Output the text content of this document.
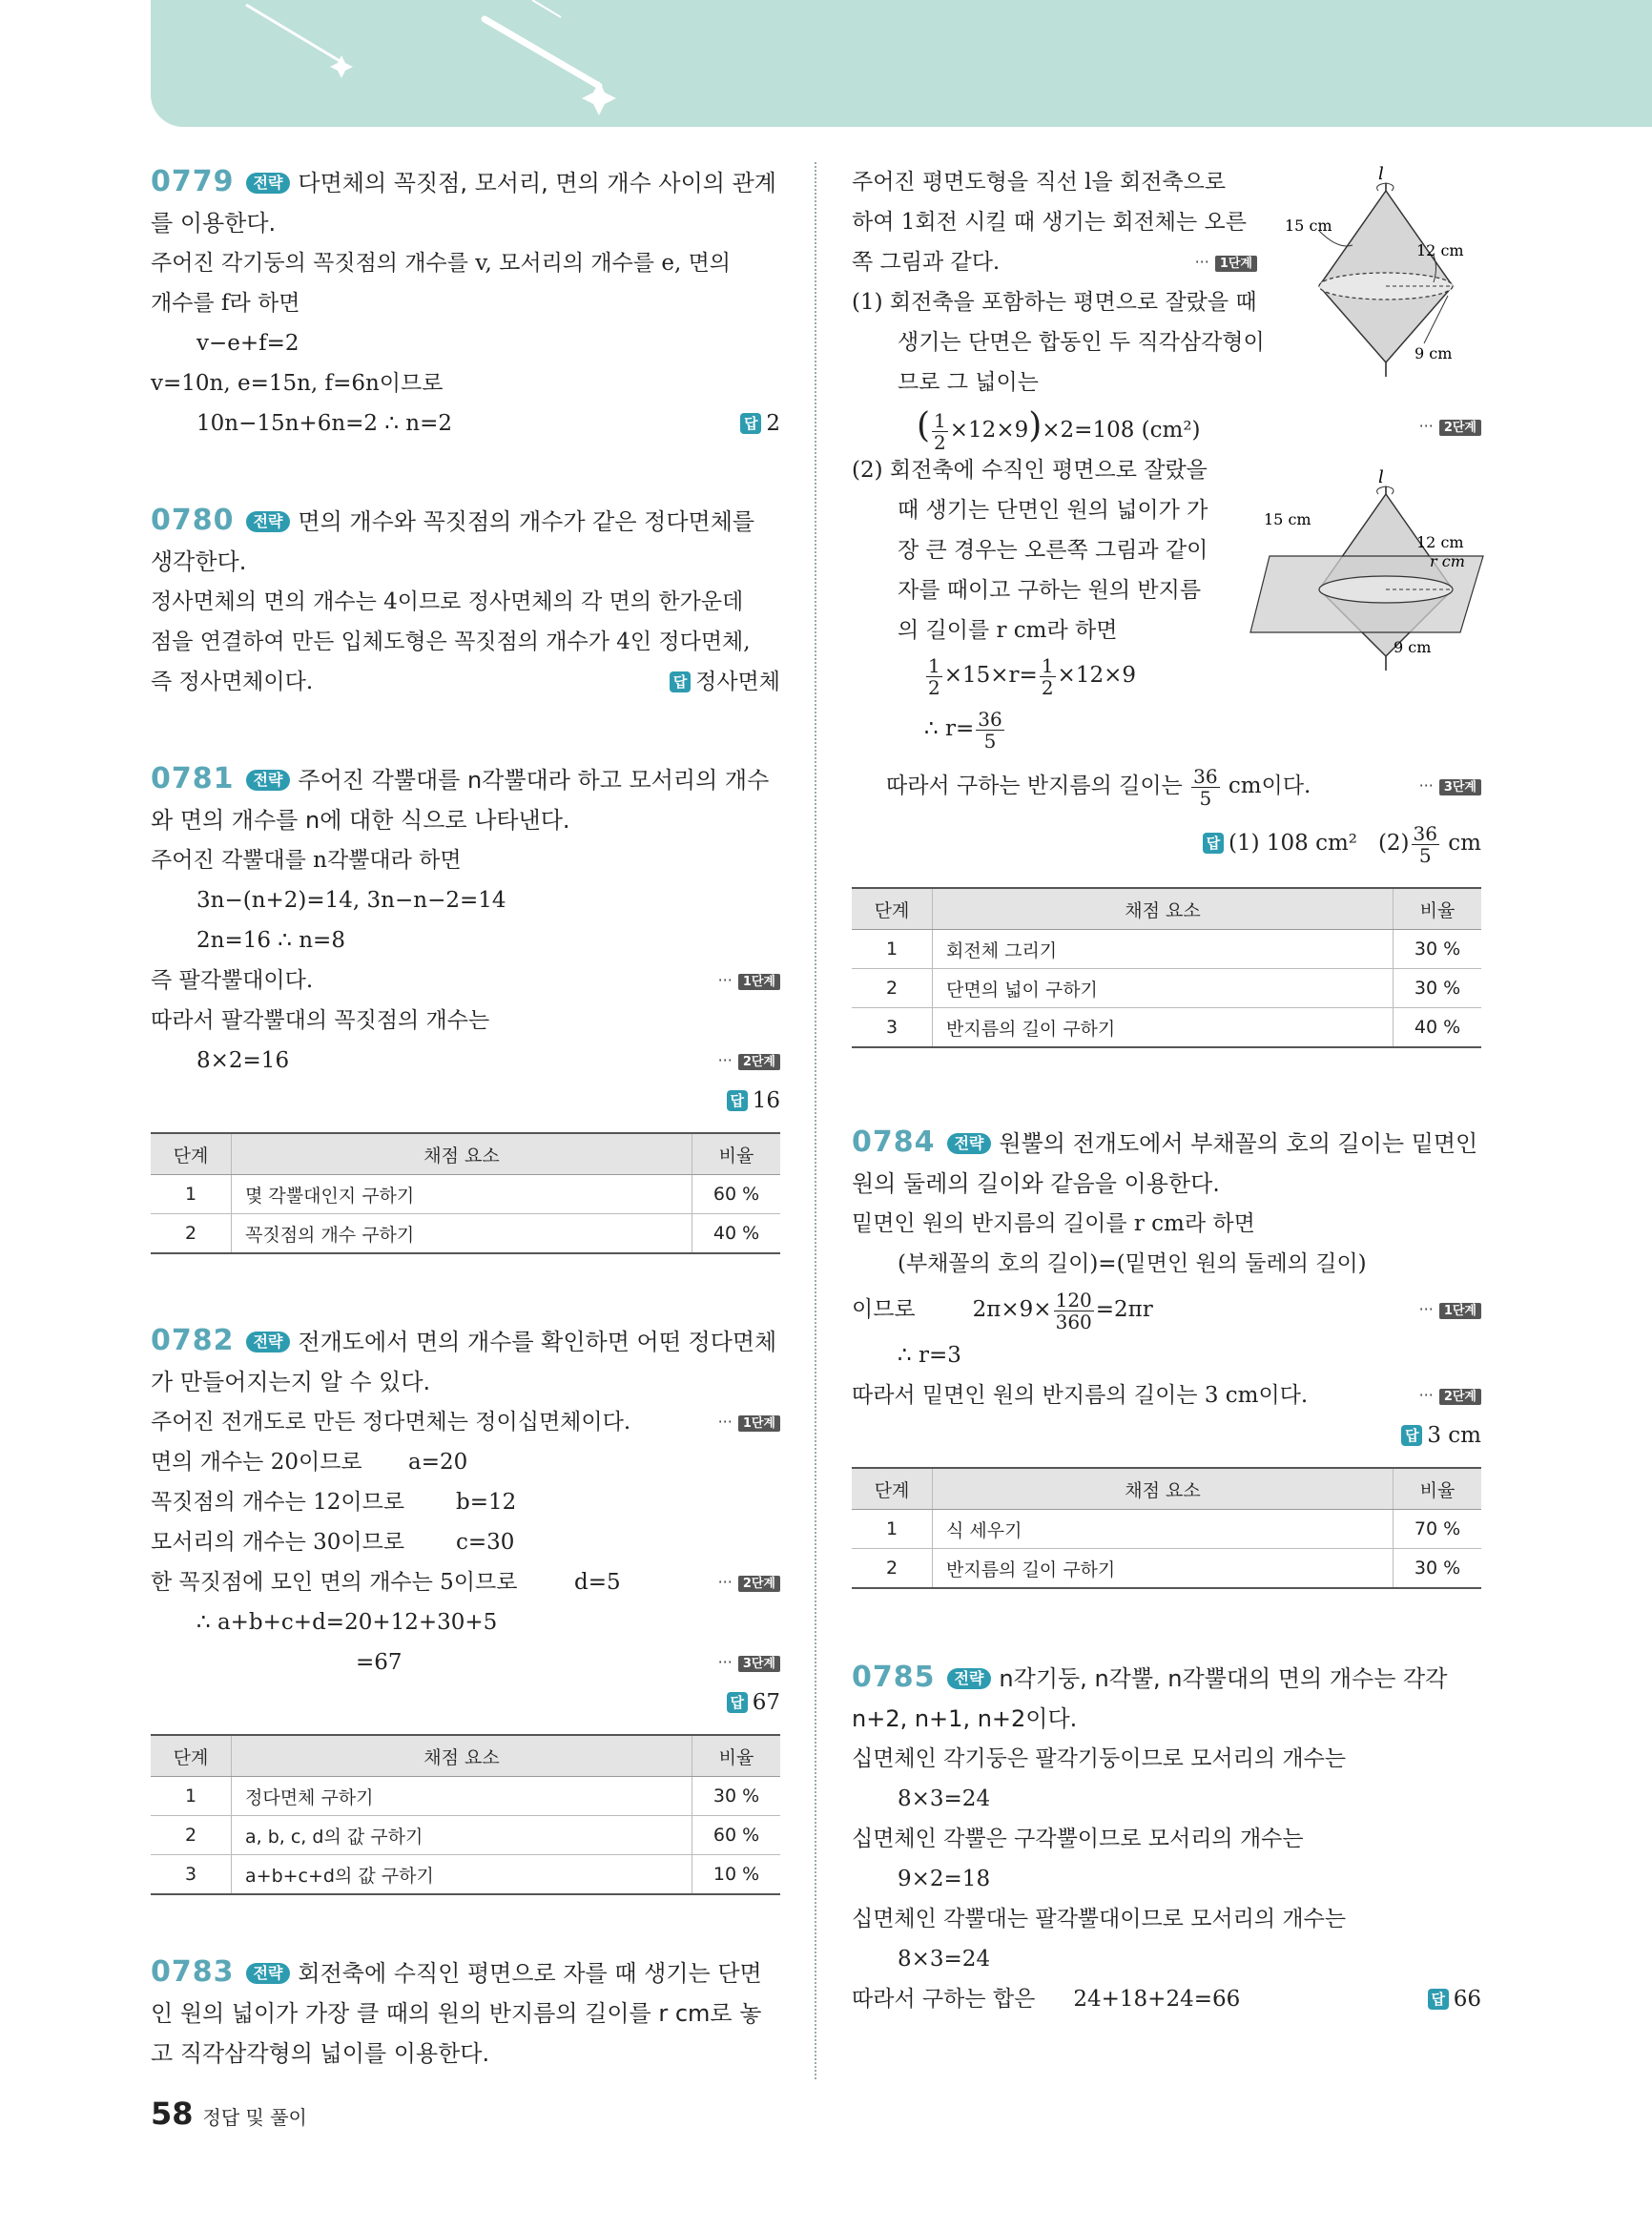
0779 전략 다면체의 꼭짓점, 모서리, 면의 개수 사이의 관계를 이용한다.
주어진 각기둥의 꼭짓점의 개수를 v, 모서리의 개수를 e, 면의
개수를 f라 하면
v−e+f=2
v=10n, e=15n, f=6n이므로
10n−15n+6n=2 ∴ n=2	답 2
0780 전략 면의 개수와 꼭짓점의 개수가 같은 정다면체를 생각한다.
정사면체의 면의 개수는 4이므로 정사면체의 각 면의 한가운데
점을 연결하여 만든 입체도형은 꼭짓점의 개수가 4인 정다면체,
즉 정사면체이다.	답 정사면체
0781 전략 주어진 각뿔대를 n각뿔대라 하고 모서리의 개수와 면의 개수를 n에 대한 식으로 나타낸다.
주어진 각뿔대를 n각뿔대라 하면
3n−(n+2)=14, 3n−n−2=14
2n=16 ∴ n=8
즉 팔각뿔대이다.	··· 1단계
따라서 팔각뿔대의 꼭짓점의 개수는
8×2=16	··· 2단계
답 16
단계	채점 요소	비율
1	몇 각뿔대인지 구하기	60 %
2	꼭짓점의 개수 구하기	40 %
0782 전략 전개도에서 면의 개수를 확인하면 어떤 정다면체가 만들어지는지 알 수 있다.
주어진 전개도로 만든 정다면체는 정이십면체이다.	··· 1단계
면의 개수는 20이므로 a=20
꼭짓점의 개수는 12이므로 b=12
모서리의 개수는 30이므로 c=30
한 꼭짓점에 모인 면의 개수는 5이므로	d=5	··· 2단계
∴ a+b+c+d=20+12+30+5
=67	··· 3단계
답 67
단계	채점 요소	비율
1	정다면체 구하기	30 %
2	a, b, c, d의 값 구하기	60 %
3	a+b+c+d의 값 구하기	10 %
0783 전략 회전축에 수직인 평면으로 자를 때 생기는 단면인 원의 넓이가 가장 클 때의 원의 반지름의 길이를 r cm로 놓고 직각삼각형의 넓이를 이용한다.
주어진 평면도형을 직선 l을 회전축으로
하여 1회전 시킬 때 생기는 회전체는 오른
쪽 그림과 같다.	··· 1단계
(1) 회전축을 포함하는 평면으로 잘랐을 때
생기는 단면은 합동인 두 직각삼각형이
므로 그 넓이는
( $\frac{1}{2} \times 12\times 9)\times 2=108$ (cm²)	··· 2단계
(2) 회전축에 수직인 평면으로 잘랐을
때 생기는 단면인 원의 넓이가 가
장 큰 경우는 오른쪽 그림과 같이
자를 때이고 구하는 원의 반지름
의 길이를 r cm라 하면
$\frac{1}{2} \times 15\times r= \frac{1}{2} \times 12\times 9$
∴ $r= \frac{36}{5}$
따라서 구하는 반지름의 길이는 $\frac{36}{5}$ cm이다.	··· 3단계
답 (1) 108 cm² $(2) \frac{36}{5}$ cm
l
15 cm
12 cm
9 cm
l
15 cm
12 cm
r cm
9 cm
단계	채점 요소	비율
1	회전체 그리기	30 %
2	단면의 넓이 구하기	30 %
3	반지름의 길이 구하기	40 %
0784 전략 원뿔의 전개도에서 부채꼴의 호의 길이는 밑면인 원의 둘레의 길이와 같음을 이용한다.
밑면인 원의 반지름의 길이를 r cm라 하면
(부채꼴의 호의 길이)=(밑면인 원의 둘레의 길이)
이므로	$2\pi\times 9\times \frac{120}{360} =2\pi r$	··· 1단계
∴ r=3
따라서 밑면인 원의 반지름의 길이는 3 cm이다.	··· 2단계
답 3 cm
단계	채점 요소	비율
1	식 세우기	70 %
2	반지름의 길이 구하기	30 %
0785 전략 n각기둥, n각뿔, n각뿔대의 면의 개수는 각각 n+2, n+1, n+2이다.
십면체인 각기둥은 팔각기둥이므로 모서리의 개수는
8×3=24
십면체인 각뿔은 구각뿔이므로 모서리의 개수는
9×2=18
십면체인 각뿔대는 팔각뿔대이므로 모서리의 개수는
8×3=24
따라서 구하는 합은 24+18+24=66	답 66
58 정답 및 풀이
